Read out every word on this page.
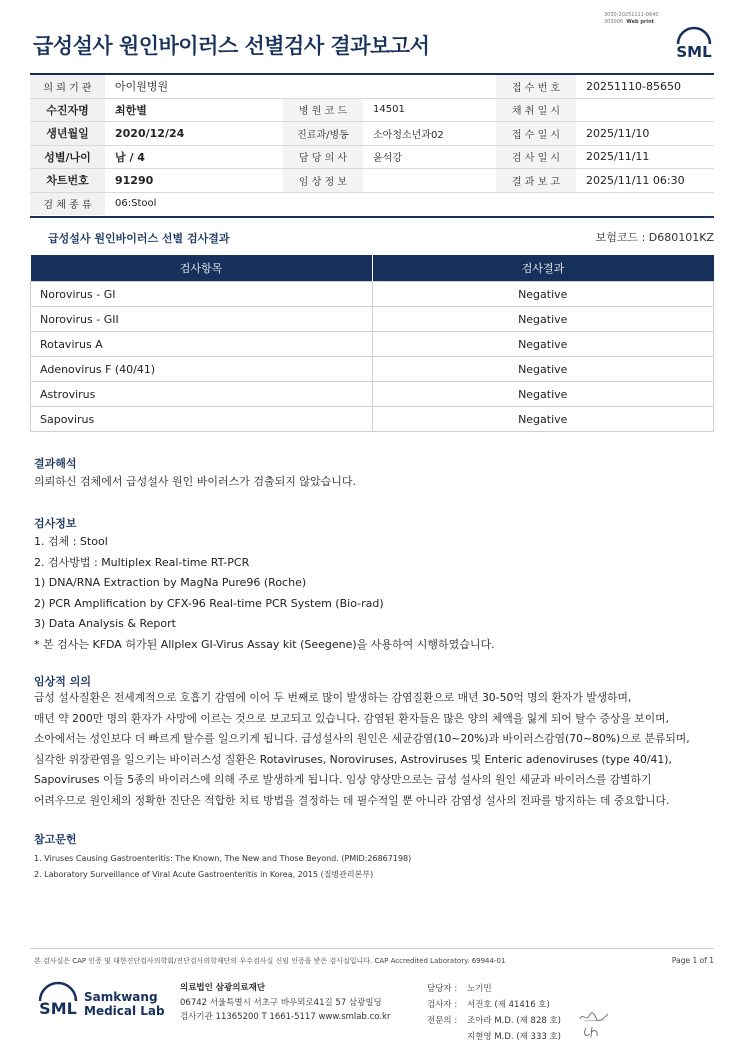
3030-20251111-0640
303006 Web print
급성설사 원인바이러스 선별검사 결과보고서	SML
의 뢰 기 관	아이원병원			접 수 번 호	20251110-85650
수진자명	최한별	병 원 코 드	14501	채 취 일 시	
생년월일	2020/12/24	진료과/병동	소아청소년과02	접 수 일 시	2025/11/10
성별/나이	남 / 4	담 당 의 사	윤석강	검 사 일 시	2025/11/11
차트번호	91290	임 상 정 보		결 과 보 고	2025/11/11 06:30
검 체 종 류	06:Stool				
급성설사 원인바이러스 선별 검사결과	보험코드 : D680101KZ
검사항목	검사결과
Norovirus - GI	Negative
Norovirus - GII	Negative
Rotavirus A	Negative
Adenovirus F (40/41)	Negative
Astrovirus	Negative
Sapovirus	Negative
결과해석
의뢰하신 검체에서 급성설사 원인 바이러스가 검출되지 않았습니다.
검사정보
1. 검체 : Stool
2. 검사방법 : Multiplex Real-time RT-PCR
1) DNA/RNA Extraction by MagNa Pure96 (Roche)
2) PCR Amplification by CFX-96 Real-time PCR System (Bio-rad)
3) Data Analysis & Report
* 본 검사는 KFDA 허가된 Allplex GI-Virus Assay kit (Seegene)을 사용하여 시행하였습니다.
임상적 의의
급성 설사질환은 전세계적으로 호흡기 감염에 이어 두 번째로 많이 발생하는 감염질환으로 매년 30-50억 명의 환자가 발생하며,
매년 약 200만 명의 환자가 사망에 이르는 것으로 보고되고 있습니다. 감염된 환자들은 많은 양의 체액을 잃게 되어 탈수 증상을 보이며,
소아에서는 성인보다 더 빠르게 탈수를 일으키게 됩니다. 급성설사의 원인은 세균감염(10~20%)과 바이러스감염(70~80%)으로 분류되며,
심각한 위장관염을 일으키는 바이러스성 질환은 Rotaviruses, Noroviruses, Astroviruses 및 Enteric adenoviruses (type 40/41),
Sapoviruses 이들 5종의 바이러스에 의해 주로 발생하게 됩니다. 임상 양상만으로는 급성 설사의 원인 세균과 바이러스를 감별하기
어려우므로 원인체의 정확한 진단은 적합한 치료 방법을 결정하는 데 필수적일 뿐 아니라 감염성 설사의 전파를 방지하는 데 중요합니다.
참고문헌
1. Viruses Causing Gastroenteritis: The Known, The New and Those Beyond. (PMID:26867198)
2. Laboratory Surveillance of Viral Acute Gastroenteritis in Korea, 2015 (질병관리본부)
본 검사실은 CAP 인증 및 대한진단검사의학회/진단검사의학재단의 우수검사실 신임 인증을 받은 검사실입니다. CAP Accredited Laboratory. 69944-01	Page 1 of 1
SML
Samkwang
Medical Lab
의료법인 삼광의료재단
06742 서울특별시 서초구 바우뫼로41길 57 삼광빌딩
검사기관 11365200 T 1661-5117 www.smlab.co.kr
담당자 : 노기민
검사자 : 서진호 (제 41416 호)
전문의 : 조아라 M.D. (제 828 호)
지현영 M.D. (제 333 호)
